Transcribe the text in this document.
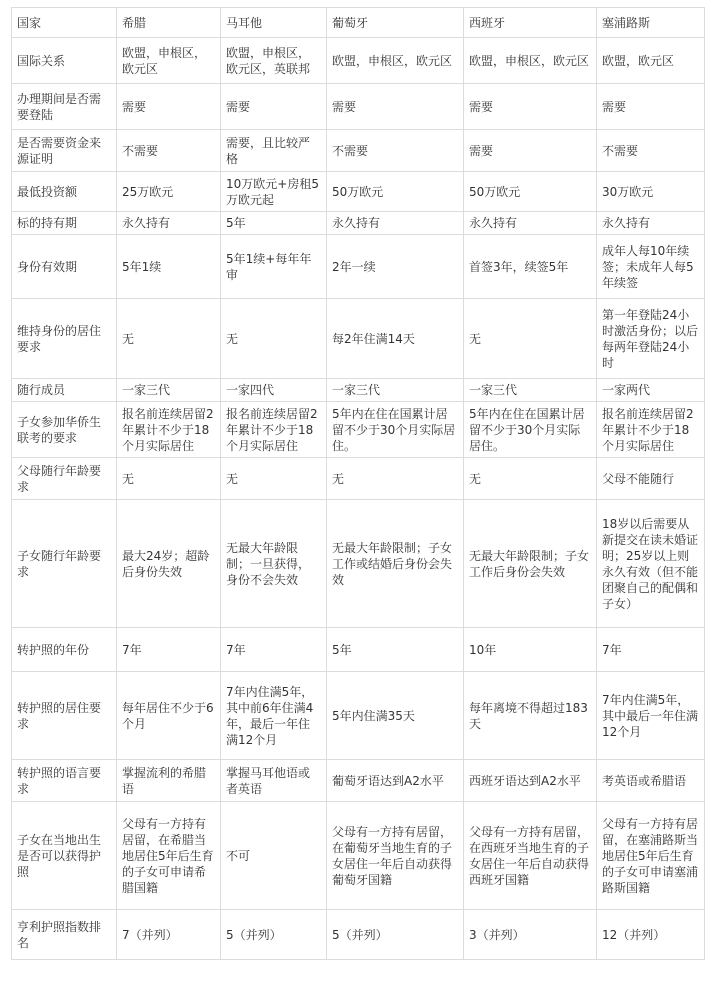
国家	希腊	马耳他	葡萄牙	西班牙	塞浦路斯
国际关系	欧盟，申根区，欧元区	欧盟，申根区，欧元区，英联邦	欧盟，申根区，欧元区	欧盟，申根区，欧元区	欧盟，欧元区
办理期间是否需要登陆	需要	需要	需要	需要	需要
是否需要资金来源证明	不需要	需要，且比较严格	不需要	需要	不需要
最低投资额	25万欧元	10万欧元+房租5万欧元起	50万欧元	50万欧元	30万欧元
标的持有期	永久持有	5年	永久持有	永久持有	永久持有
身份有效期	5年1续	5年1续+每年年审	2年一续	首签3年，续签5年	成年人每10年续签；未成年人每5年续签
维持身份的居住要求	无	无	每2年住满14天	无	第一年登陆24小时激活身份；以后每两年登陆24小时
随行成员	一家三代	一家四代	一家三代	一家三代	一家两代
子女参加华侨生联考的要求	报名前连续居留2年累计不少于18个月实际居住	报名前连续居留2年累计不少于18个月实际居住	5年内在住在国累计居留不少于30个月实际居住。	5年内在住在国累计居留不少于30个月实际居住。	报名前连续居留2年累计不少于18个月实际居住
父母随行年龄要求	无	无	无	无	父母不能随行
子女随行年龄要求	最大24岁；超龄后身份失效	无最大年龄限制；一旦获得，身份不会失效	无最大年龄限制；子女工作或结婚后身份会失效	无最大年龄限制；子女工作后身份会失效	18岁以后需要从新提交在读未婚证明；25岁以上则永久有效（但不能团聚自己的配偶和子女）
转护照的年份	7年	7年	5年	10年	7年
转护照的居住要求	每年居住不少于6个月	7年内住满5年，其中前6年住满4年，最后一年住满12个月	5年内住满35天	每年离境不得超过183天	7年内住满5年，其中最后一年住满12个月
转护照的语言要求	掌握流利的希腊语	掌握马耳他语或者英语	葡萄牙语达到A2水平	西班牙语达到A2水平	考英语或希腊语
子女在当地出生是否可以获得护照	父母有一方持有居留，在希腊当地居住5年后生育的子女可申请希腊国籍	不可	父母有一方持有居留，在葡萄牙当地生育的子女居住一年后自动获得葡萄牙国籍	父母有一方持有居留，在西班牙当地生育的子女居住一年后自动获得西班牙国籍	父母有一方持有居留，在塞浦路斯当地居住5年后生育的子女可申请塞浦路斯国籍
亨利护照指数排名	7（并列）	5（并列）	5（并列）	3（并列）	12（并列）
